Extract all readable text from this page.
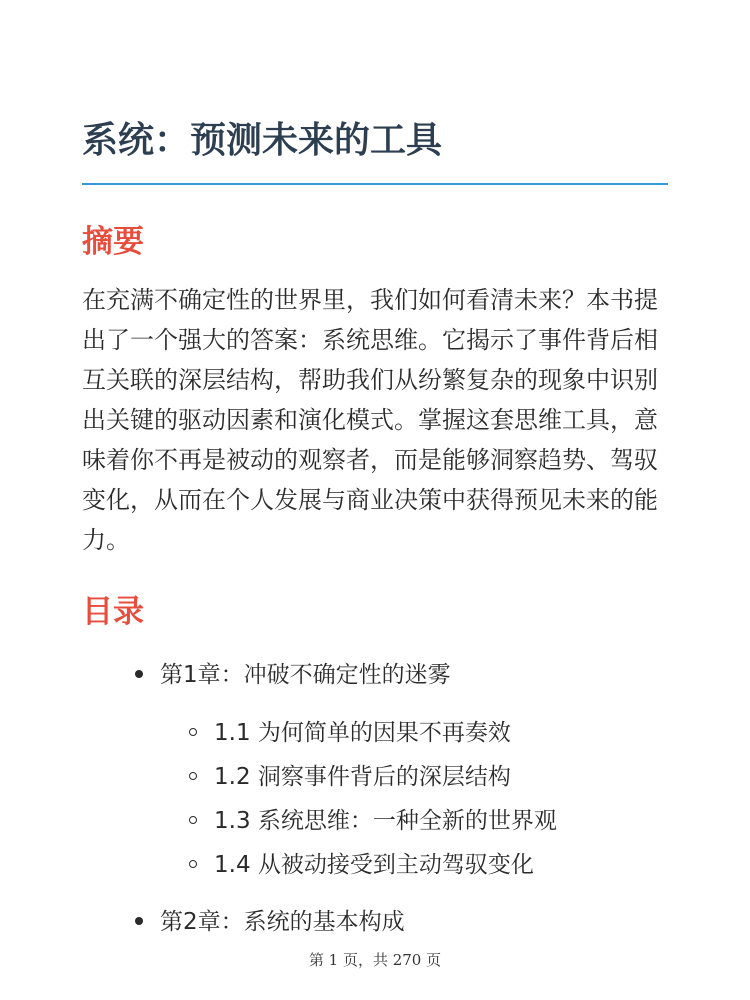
系统：预测未来的工具
摘要

在充满不确定性的世界里，我们如何看清未来？本书提出了一个强大的答案：系统思维。它揭示了事件背后相互关联的深层结构，帮助我们从纷繁复杂的现象中识别出关键的驱动因素和演化模式。掌握这套思维工具，意味着你不再是被动的观察者，而是能够洞察趋势、驾驭变化，从而在个人发展与商业决策中获得预见未来的能力。

目录
第1章：冲破不确定性的迷雾
1.1 为何简单的因果不再奏效
1.2 洞察事件背后的深层结构
1.3 系统思维：一种全新的世界观
1.4 从被动接受到主动驾驭变化
第2章：系统的基本构成
第 1 页，共 270 页
